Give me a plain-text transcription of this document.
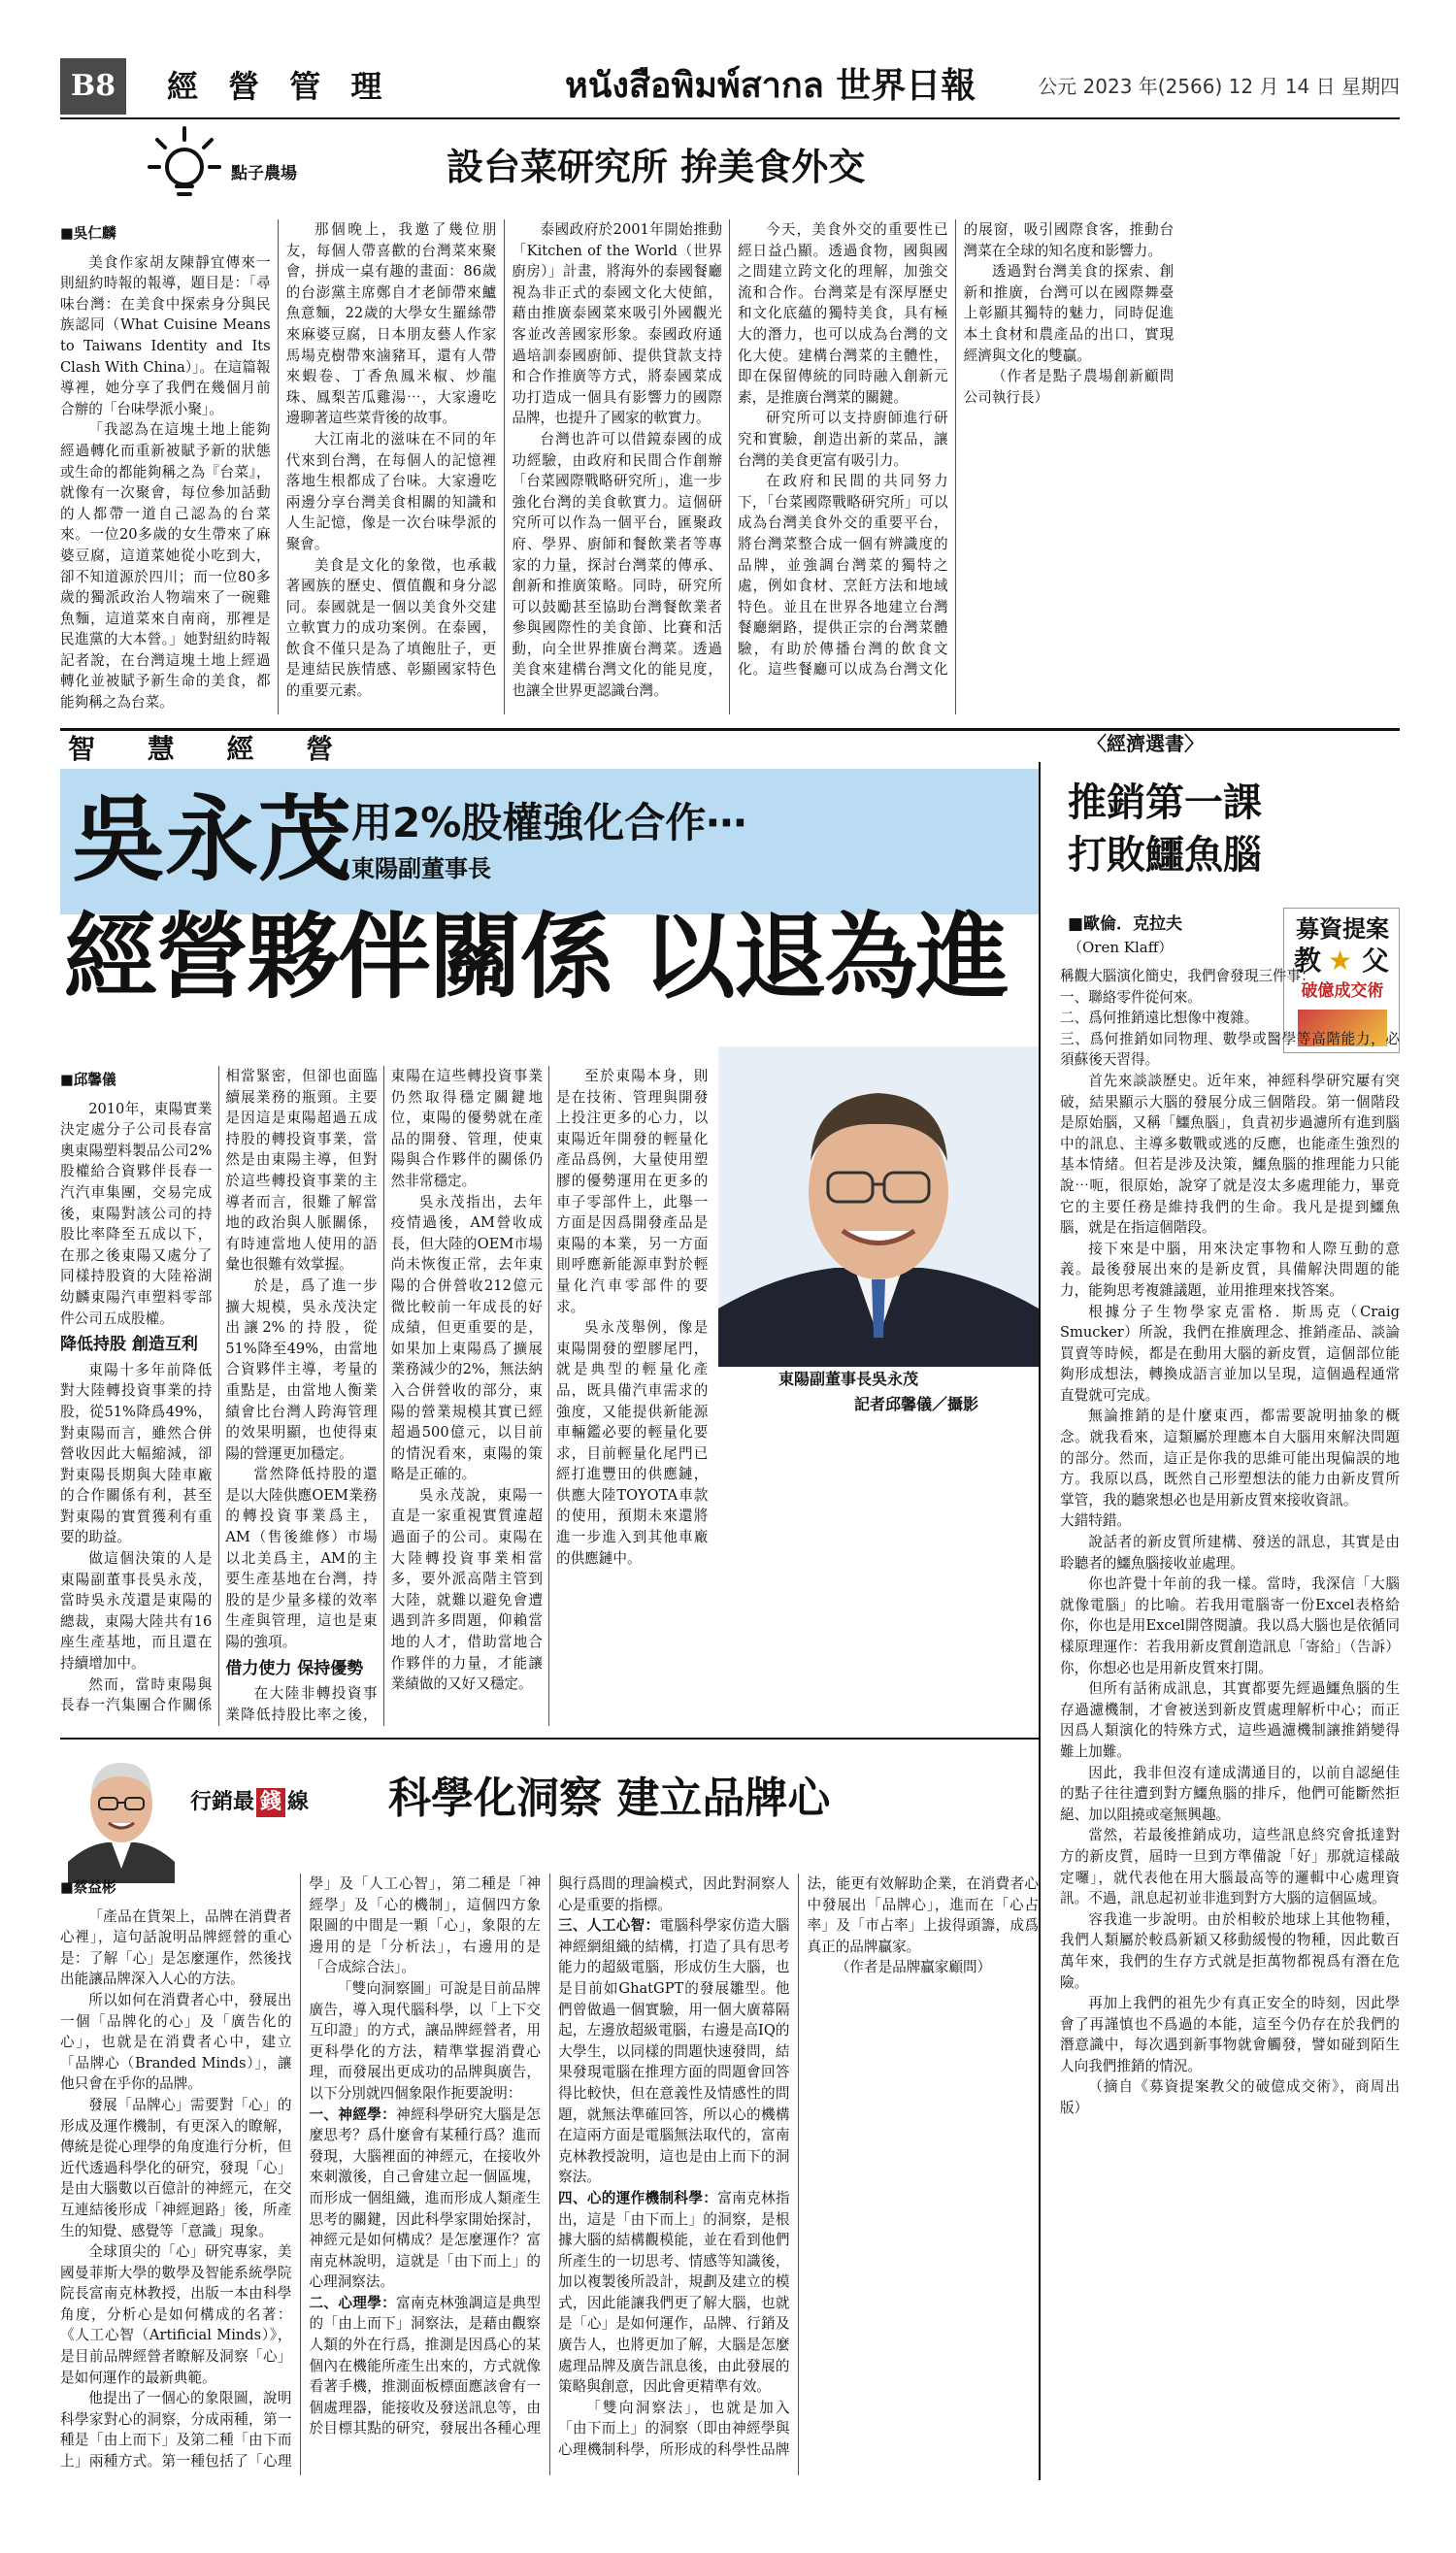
B8	經 營 管 理	หนังสือพิมพ์สากล 世界日報	公元 2023 年(2566) 12 月 14 日 星期四
點子農場	設台菜研究所 拚美食外交

■吳仁麟

美食作家胡友陳靜宜傳來一則紐約時報的報導，題目是：「尋味台灣：在美食中探索身分與民族認同（What Cuisine Means to Taiwans Identity and Its Clash With China）」。在這篇報導裡，她分享了我們在幾個月前合辦的「台味學派小聚」。

「我認為在這塊土地上能夠經過轉化而重新被賦予新的狀態或生命的都能夠稱之為『台菜』，就像有一次聚會，每位參加話動的人都帶一道自己認為的台菜來。一位20多歲的女生帶來了麻婆豆腐，這道菜她從小吃到大，卻不知道源於四川；而一位80多歲的獨派政治人物端來了一碗雞魚麵，這道菜來自南商，那裡是民進黨的大本營。」她對紐約時報記者說，在台灣這塊土地上經過轉化並被賦予新生命的美食，都能夠稱之為台菜。

那個晚上，我邀了幾位朋友，每個人帶喜歡的台灣菜來聚會，拼成一桌有趣的畫面：86歲的台澎黨主席鄭自才老師帶來鱸魚意麵，22歲的大學女生羅絲帶來麻婆豆腐，日本朋友藝人作家馬場克樹帶來滷豬耳，還有人帶來蝦卷、丁香魚鳳米椒、炒龍珠、鳳梨苦瓜雞湯⋯，大家邊吃邊聊著這些菜背後的故事。

大江南北的滋味在不同的年代來到台灣，在每個人的記憶裡落地生根都成了台味。大家邊吃兩邊分享台灣美食相關的知識和人生記憶，像是一次台味學派的聚會。

美食是文化的象徵，也承載著國族的歷史、價值觀和身分認同。泰國就是一個以美食外交建立軟實力的成功案例。在泰國，飲食不僅只是為了填飽肚子，更是連結民族情感、彰顯國家特色的重要元素。

泰國政府於2001年開始推動「Kitchen of the World（世界廚房）」計畫，將海外的泰國餐廳視為非正式的泰國文化大使館，藉由推廣泰國菜來吸引外國觀光客並改善國家形象。泰國政府通過培訓泰國廚師、提供貸款支持和合作推廣等方式，將泰國菜成功打造成一個具有影響力的國際品牌，也提升了國家的軟實力。

台灣也許可以借鏡泰國的成功經驗，由政府和民間合作創辦「台菜國際戰略研究所」，進一步強化台灣的美食軟實力。這個研究所可以作為一個平台，匯聚政府、學界、廚師和餐飲業者等專家的力量，探討台灣菜的傳承、創新和推廣策略。同時，研究所可以鼓勵甚至協助台灣餐飲業者參與國際性的美食節、比賽和活動，向全世界推廣台灣菜。透過美食來建構台灣文化的能見度，也讓全世界更認識台灣。

今天，美食外交的重要性已經日益凸顯。透過食物，國與國之間建立跨文化的理解，加強交流和合作。台灣菜是有深厚歷史和文化底蘊的獨特美食，具有極大的潛力，也可以成為台灣的文化大使。建構台灣菜的主體性，即在保留傳統的同時融入創新元素，是推廣台灣菜的關鍵。

研究所可以支持廚師進行研究和實驗，創造出新的菜品，讓台灣的美食更富有吸引力。

在政府和民間的共同努力下，「台菜國際戰略研究所」可以成為台灣美食外交的重要平台，將台灣菜整合成一個有辨識度的品牌，並強調台灣菜的獨特之處，例如食材、烹飪方法和地域特色。並且在世界各地建立台灣餐廳網路，提供正宗的台灣菜體驗，有助於傳播台灣的飲食文化。這些餐廳可以成為台灣文化的展窗，吸引國際食客，推動台灣菜在全球的知名度和影響力。

透過對台灣美食的探索、創新和推廣，台灣可以在國際舞臺上彰顯其獨特的魅力，同時促進本土食材和農產品的出口，實現經濟與文化的雙贏。

（作者是點子農場創新顧問公司執行長）

智 慧 經 營
吳永茂 用2%股權強化合作⋯
東陽副董事長
經營夥伴關係 以退為進
東陽副董事長吳永茂
記者邱馨儀／攝影

■邱馨儀

2010年，東陽實業決定處分子公司長春富奧東陽塑料製品公司2%股權給合資夥伴長春一汽汽車集團，交易完成後，東陽對該公司的持股比率降至五成以下，在那之後東陽又處分了同樣持股資的大陸裕湖幼麟東陽汽車塑料零部件公司五成股權。

降低持股 創造互利

東陽十多年前降低對大陸轉投資事業的持股，從51%降爲49%，對東陽而言，雖然合併營收因此大幅縮減，卻對東陽長期與大陸車廠的合作關係有利，甚至對東陽的實質獲利有重要的助益。

做這個決策的人是東陽副董事長吳永茂，當時吳永茂還是東陽的總裁，東陽大陸共有16座生產基地，而且還在持續增加中。

然而，當時東陽與長春一汽集團合作關係相當緊密，但卻也面臨續展業務的瓶頸。主要是因這是東陽超過五成持股的轉投資事業，當然是由東陽主導，但對於這些轉投資事業的主導者而言，很難了解當地的政治與人脈關係，有時連當地人使用的語彙也很難有效掌握。

於是，爲了進一步擴大規模，吳永茂決定出讓2%的持股，從51%降至49%，由當地合資夥伴主導，考量的重點是，由當地人衡業績會比台灣人跨海管理的效果明顯，也使得東陽的營運更加穩定。

當然降低持股的還是以大陸供應OEM業務的轉投資事業爲主，AM（售後維修）市場以北美爲主，AM的主要生產基地在台灣，持股的是少量多樣的效率生產與管理，這也是東陽的強項。

借力使力 保持優勢

在大陸非轉投資事業降低持股比率之後，東陽在這些轉投資事業仍然取得穩定關鍵地位，東陽的優勢就在產品的開發、管理，使東陽與合作夥伴的關係仍然非常穩定。

吳永茂指出，去年疫情過後，AM營收成長，但大陸的OEM市場尚未恢復正常，去年東陽的合併營收212億元微比較前一年成長的好成績，但更重要的是，如果加上東陽爲了擴展業務減少的2%，無法納入合併營收的部分，東陽的營業規模其實已經超過500億元，以目前的情況看來，東陽的策略是正確的。

吳永茂說，東陽一直是一家重視實質違超過面子的公司。東陽在大陸轉投資事業相當多，要外派高階主管到大陸，就難以避免會遭遇到許多問題，仰賴當地的人才，借助當地合作夥伴的力量，才能讓業績做的又好又穩定。

至於東陽本身，則是在技術、管理與開發上投注更多的心力，以東陽近年開發的輕量化產品爲例，大量使用塑膠的優勢運用在更多的車子零部件上，此舉一方面是因爲開發產品是東陽的本業，另一方面則呼應新能源車對於輕量化汽車零部件的要求。

吳永茂舉例，像是東陽開發的塑膠尾門，就是典型的輕量化產品，既具備汽車需求的強度，又能提供新能源車輛鑑必要的輕量化要求，目前輕量化尾門已經打進豐田的供應鏈，供應大陸TOYOTA車款的使用，預期未來還將進一步進入到其他車廠的供應鏈中。

〈經濟選書〉
推銷第一課
打敗鱷魚腦
■歐倫．克拉夫
（Oren Klaff）
募資提案
教 ★ 父
破億成交術

稱觀大腦演化簡史，我們會發現三件事：

一、聯絡零件從何來。

二、爲何推銷遠比想像中複雜。

三、爲何推銷如同物理、數學或醫學等高階能力，必須蘇後天習得。

首先來談談歷史。近年來，神經科學研究屢有突破，結果顯示大腦的發展分成三個階段。第一個階段是原始腦，又稱「鱷魚腦」，負責初步過濾所有進到腦中的訊息、主導多數戰或逃的反應，也能產生強烈的基本情緒。但若是涉及決策，鱷魚腦的推理能力只能說⋯呃，很原始，說穿了就是沒太多處理能力，畢竟它的主要任務是維持我們的生命。我凡是提到鱷魚腦，就是在指這個階段。

接下來是中腦，用來決定事物和人際互動的意義。最後發展出來的是新皮質，具備解決問題的能力，能夠思考複雜議題，並用推理來找答案。

根據分子生物學家克雷格．斯馬克（Craig Smucker）所說，我們在推廣理念、推銷產品、談論買賣等時候，都是在動用大腦的新皮質，這個部位能夠形成想法，轉換成語言並加以呈現，這個過程通常直覺就可完成。

無論推銷的是什麼東西，都需要說明抽象的概念。就我看來，這類屬於理應本自大腦用來解決問題的部分。然而，這正是你我的思維可能出現偏誤的地方。我原以爲，既然自己形塑想法的能力由新皮質所掌管，我的聽衆想必也是用新皮質來接收資訊。

大錯特錯。

說話者的新皮質所建構、發送的訊息，其實是由聆聽者的鱷魚腦接收並處理。

你也許覺十年前的我一樣。當時，我深信「大腦就像電腦」的比喻。若我用電腦寄一份Excel表格給你，你也是用Excel開啓閱讀。我以爲大腦也是依循同樣原理運作：若我用新皮質創造訊息「寄給」（告訴）你，你想必也是用新皮質來打開。

但所有話術成訊息，其實都要先經過鱷魚腦的生存過濾機制，才會被送到新皮質處理解析中心；而正因爲人類演化的特殊方式，這些過濾機制讓推銷變得難上加難。

因此，我非但沒有達成溝通目的，以前自認絕佳的點子往往遭到對方鱷魚腦的排斥，他們可能斷然拒絕、加以阻撓或毫無興趣。

當然，若最後推銷成功，這些訊息終究會抵達對方的新皮質，屆時一旦到方準備說「好」那就這樣敲定囉」，就代表他在用大腦最高等的邏輯中心處理資訊。不過，訊息起初並非進到對方大腦的這個區域。

容我進一步說明。由於相較於地球上其他物種，我們人類屬於較爲新穎又移動緩慢的物種，因此數百萬年來，我們的生存方式就是拒萬物都視爲有潛在危險。

再加上我們的祖先少有真正安全的時刻，因此學會了再謹慎也不爲過的本能，這至今仍存在於我們的潛意識中，每次遇到新事物就會觸發，譬如碰到陌生人向我們推銷的情況。

（摘自《募資提案教父的破億成交術》，商周出版）

行銷最 錢 線 科學化洞察 建立品牌心

■蔡益彬

「產品在貨架上，品牌在消費者心裡」，這句話說明品牌經營的重心是：了解「心」是怎麼運作，然後找出能讓品牌深入人心的方法。

所以如何在消費者心中，發展出一個「品牌化的心」及「廣告化的心」，也就是在消費者心中，建立「品牌心（Branded Minds）」，讓他只會在乎你的品牌。

發展「品牌心」需要對「心」的形成及運作機制，有更深入的瞭解，傳統是從心理學的角度進行分析，但近代透過科學化的研究，發現「心」是由大腦數以百億計的神經元，在交互連結後形成「神經迴路」後，所產生的知覺、感覺等「意識」現象。

全球頂尖的「心」研究專家，美國曼菲斯大學的數學及智能系統學院院長富南克林教授，出版一本由科學角度，分析心是如何構成的名著：《人工心智（Artificial Minds）》，是目前品牌經營者瞭解及洞察「心」是如何運作的最新典範。

他提出了一個心的象限圖，說明科學家對心的洞察，分成兩種，第一種是「由上而下」及第二種「由下而上」兩種方式。第一種包括了「心理學」及「人工心智」，第二種是「神經學」及「心的機制」，這個四方象限圖的中間是一顆「心」，象限的左邊用的是「分析法」，右邊用的是「合成綜合法」。

「雙向洞察圖」可說是目前品牌廣告，導入現代腦科學，以「上下交互印證」的方式，讓品牌經營者，用更科學化的方法，精準掌握消費心理，而發展出更成功的品牌與廣告，以下分別就四個象限作扼要說明：

一、神經學：神經科學研究大腦是怎麼思考？爲什麼會有某種行爲？進而發現，大腦裡面的神經元，在接收外來刺激後，自己會建立起一個區塊，而形成一個組織，進而形成人類產生思考的關鍵，因此科學家開始探討，神經元是如何構成？是怎麼運作？富南克林說明，這就是「由下而上」的心理洞察法。

二、心理學：富南克林強調這是典型的「由上而下」洞察法，是藉由觀察人類的外在行爲，推測是因爲心的某個內在機能所產生出來的，方式就像看著手機，推測面板標面應該會有一個處理器，能接收及發送訊息等，由於目標其點的研究，發展出各種心理與行爲間的理論模式，因此對洞察人心是重要的指標。

三、人工心智：電腦科學家仿造大腦神經網組織的結構，打造了具有思考能力的超級電腦，形成仿生大腦，也是目前如GhatGPT的發展雛型。他們曾做過一個實驗，用一個大廣幕隔起，左邊放超級電腦，右邊是高IQ的大學生，以同樣的問題快速發問，結果發現電腦在推理方面的問題會回答得比較快，但在意義性及情感性的問題，就無法準確回答，所以心的機構在這兩方面是電腦無法取代的，富南克林教授說明，這也是由上而下的洞察法。

四、心的運作機制科學：富南克林指出，這是「由下而上」的洞察，是根據大腦的結構觀模能，並在看到他們所產生的一切思考、情感等知識後，加以複製後所設計，規劃及建立的模式，因此能讓我們更了解大腦，也就是「心」是如何運作，品牌、行銷及廣告人，也將更加了解，大腦是怎麼處理品牌及廣告訊息後，由此發展的策略與創意，因此會更精準有效。

「雙向洞察法」，也就是加入「由下而上」的洞察（即由神經學與心理機制科學，所形成的科學性品牌法，能更有效解助企業，在消費者心中發展出「品牌心」，進而在「心占率」及「市占率」上拔得頭籌，成爲真正的品牌贏家。

（作者是品牌贏家顧問）
